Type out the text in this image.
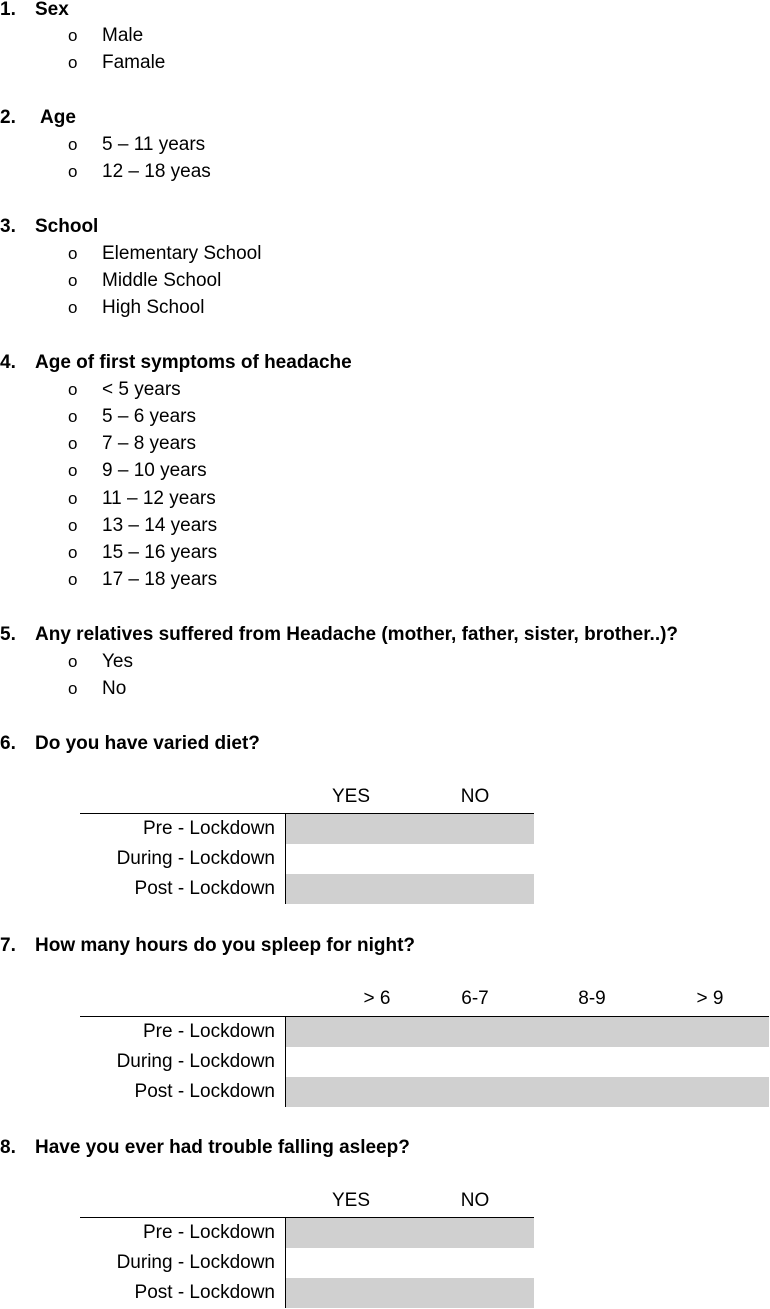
1. Sex
o Male
o Famale
2. Age
o 5 – 11 years
o 12 – 18 yeas
3. School
o Elementary School
o Middle School
o High School
4. Age of first symptoms of headache
o < 5 years
o 5 – 6 years
o 7 – 8 years
o 9 – 10 years
o 11 – 12 years
o 13 – 14 years
o 15 – 16 years
o 17 – 18 years
5. Any relatives suffered from Headache (mother, father, sister, brother..)?
o Yes
o No
6. Do you have varied diet?
YES	NO
Pre - Lockdown
During - Lockdown
Post - Lockdown
7. How many hours do you spleep for night?
> 6	6-7	8-9	> 9
Pre - Lockdown
During - Lockdown
Post - Lockdown
8. Have you ever had trouble falling asleep?
YES	NO
Pre - Lockdown
During - Lockdown
Post - Lockdown
